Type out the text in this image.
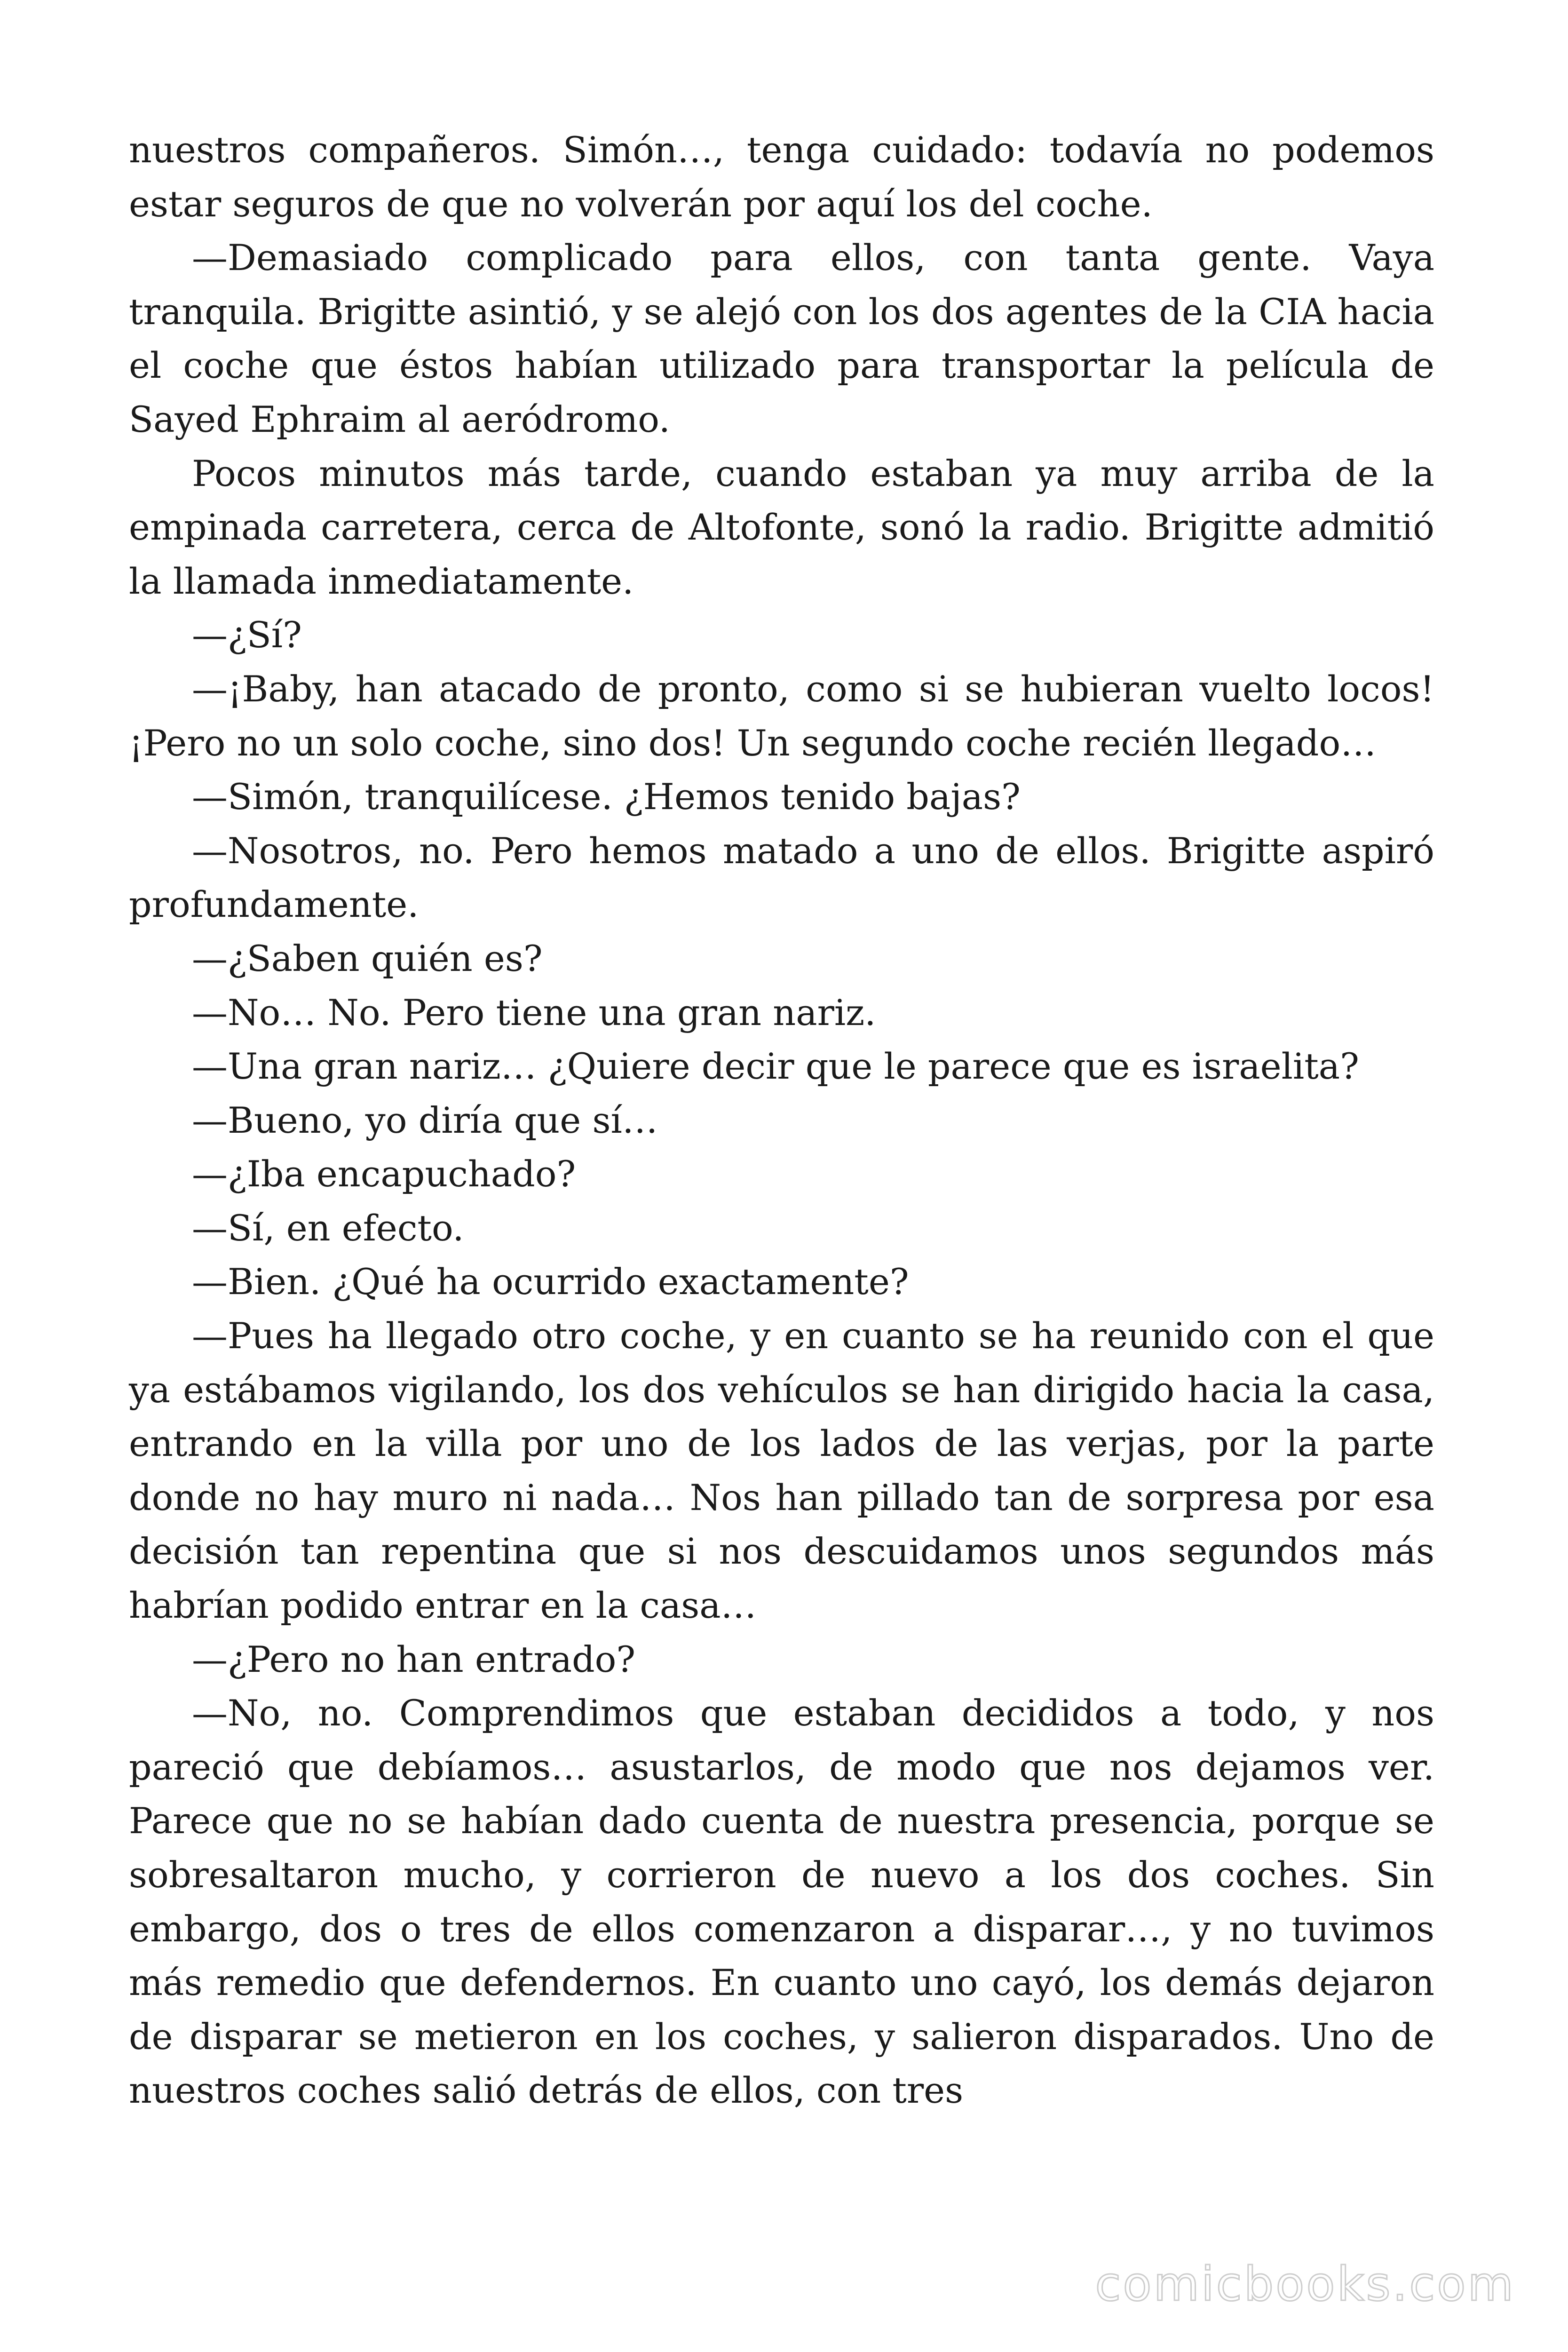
nuestros compañeros. Simón…, tenga cuidado: todavía no podemos estar seguros de que no volverán por aquí los del coche.

—Demasiado complicado para ellos, con tanta gente. Vaya tranquila. Brigitte asintió, y se alejó con los dos agentes de la CIA hacia el coche que éstos habían utilizado para transportar la película de Sayed Ephraim al aeródromo.

Pocos minutos más tarde, cuando estaban ya muy arriba de la empinada carretera, cerca de Altofonte, sonó la radio. Brigitte admitió la llamada inmediatamente.

—¿Sí?

—¡Baby, han atacado de pronto, como si se hubieran vuelto locos! ¡Pero no un solo coche, sino dos! Un segundo coche recién llegado…

—Simón, tranquilícese. ¿Hemos tenido bajas?

—Nosotros, no. Pero hemos matado a uno de ellos. Brigitte aspiró profundamente.

—¿Saben quién es?

—No… No. Pero tiene una gran nariz.

—Una gran nariz… ¿Quiere decir que le parece que es israelita?

—Bueno, yo diría que sí…

—¿Iba encapuchado?

—Sí, en efecto.

—Bien. ¿Qué ha ocurrido exactamente?

—Pues ha llegado otro coche, y en cuanto se ha reunido con el que ya estábamos vigilando, los dos vehículos se han dirigido hacia la casa, entrando en la villa por uno de los lados de las verjas, por la parte donde no hay muro ni nada… Nos han pillado tan de sorpresa por esa decisión tan repentina que si nos descuidamos unos segundos más habrían podido entrar en la casa…

—¿Pero no han entrado?

—No, no. Comprendimos que estaban decididos a todo, y nos pareció que debíamos… asustarlos, de modo que nos dejamos ver. Parece que no se habían dado cuenta de nuestra presencia, porque se sobresaltaron mucho, y corrieron de nuevo a los dos coches. Sin embargo, dos o tres de ellos comenzaron a disparar…, y no tuvimos más remedio que defendernos. En cuanto uno cayó, los demás dejaron de disparar se metieron en los coches, y salieron disparados. Uno de nuestros coches salió detrás de ellos, con tres

comicbooks.com
